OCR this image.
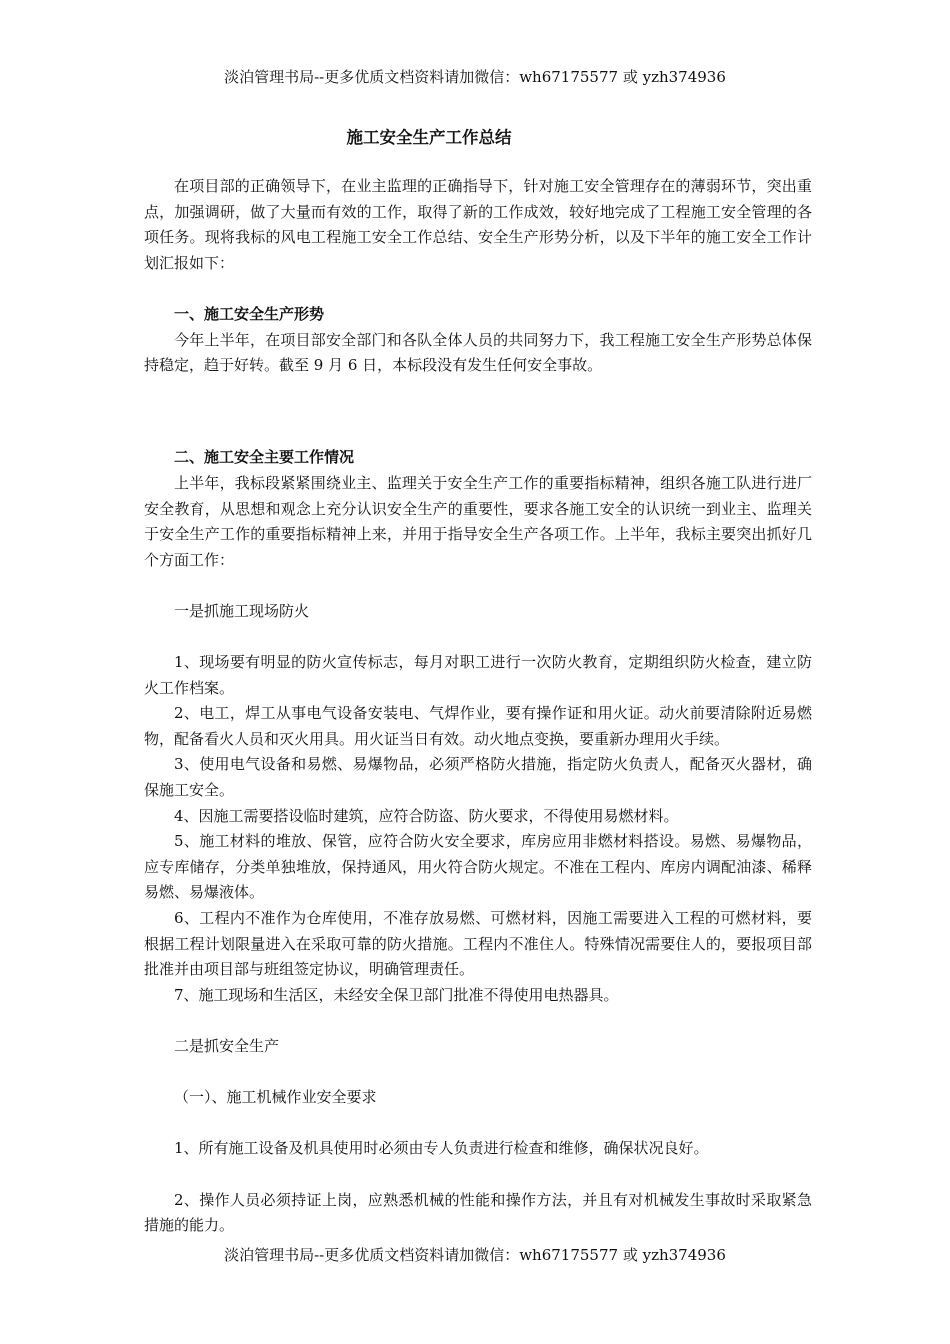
淡泊管理书局--更多优质文档资料请加微信：wh67175577 或 yzh374936
施工安全生产工作总结

在项目部的正确领导下，在业主监理的正确指导下，针对施工安全管理存在的薄弱环节，突出重点，加强调研，做了大量而有效的工作，取得了新的工作成效，较好地完成了工程施工安全管理的各项任务。现将我标的风电工程施工安全工作总结、安全生产形势分析，以及下半年的施工安全工作计划汇报如下：

一、施工安全生产形势

今年上半年，在项目部安全部门和各队全体人员的共同努力下，我工程施工安全生产形势总体保持稳定，趋于好转。截至 9 月 6 日，本标段没有发生任何安全事故。

二、施工安全主要工作情况

上半年，我标段紧紧围绕业主、监理关于安全生产工作的重要指标精神，组织各施工队进行进厂安全教育，从思想和观念上充分认识安全生产的重要性，要求各施工安全的认识统一到业主、监理关于安全生产工作的重要指标精神上来，并用于指导安全生产各项工作。上半年，我标主要突出抓好几个方面工作：

一是抓施工现场防火

1、现场要有明显的防火宣传标志，每月对职工进行一次防火教育，定期组织防火检查，建立防火工作档案。

2、电工，焊工从事电气设备安装电、气焊作业，要有操作证和用火证。动火前要清除附近易燃物，配备看火人员和灭火用具。用火证当日有效。动火地点变换，要重新办理用火手续。

3、使用电气设备和易燃、易爆物品，必须严格防火措施，指定防火负责人，配备灭火器材，确保施工安全。

4、因施工需要搭设临时建筑，应符合防盗、防火要求，不得使用易燃材料。

5、施工材料的堆放、保管，应符合防火安全要求，库房应用非燃材料搭设。易燃、易爆物品，应专库储存，分类单独堆放，保持通风，用火符合防火规定。不准在工程内、库房内调配油漆、稀释易燃、易爆液体。

6、工程内不准作为仓库使用，不准存放易燃、可燃材料，因施工需要进入工程的可燃材料，要根据工程计划限量进入在采取可靠的防火措施。工程内不准住人。特殊情况需要住人的，要报项目部批准并由项目部与班组签定协议，明确管理责任。

7、施工现场和生活区，未经安全保卫部门批准不得使用电热器具。

二是抓安全生产

（一）、施工机械作业安全要求

1、所有施工设备及机具使用时必须由专人负责进行检查和维修，确保状况良好。

2、操作人员必须持证上岗，应熟悉机械的性能和操作方法，并且有对机械发生事故时采取紧急措施的能力。

淡泊管理书局--更多优质文档资料请加微信：wh67175577 或 yzh374936
